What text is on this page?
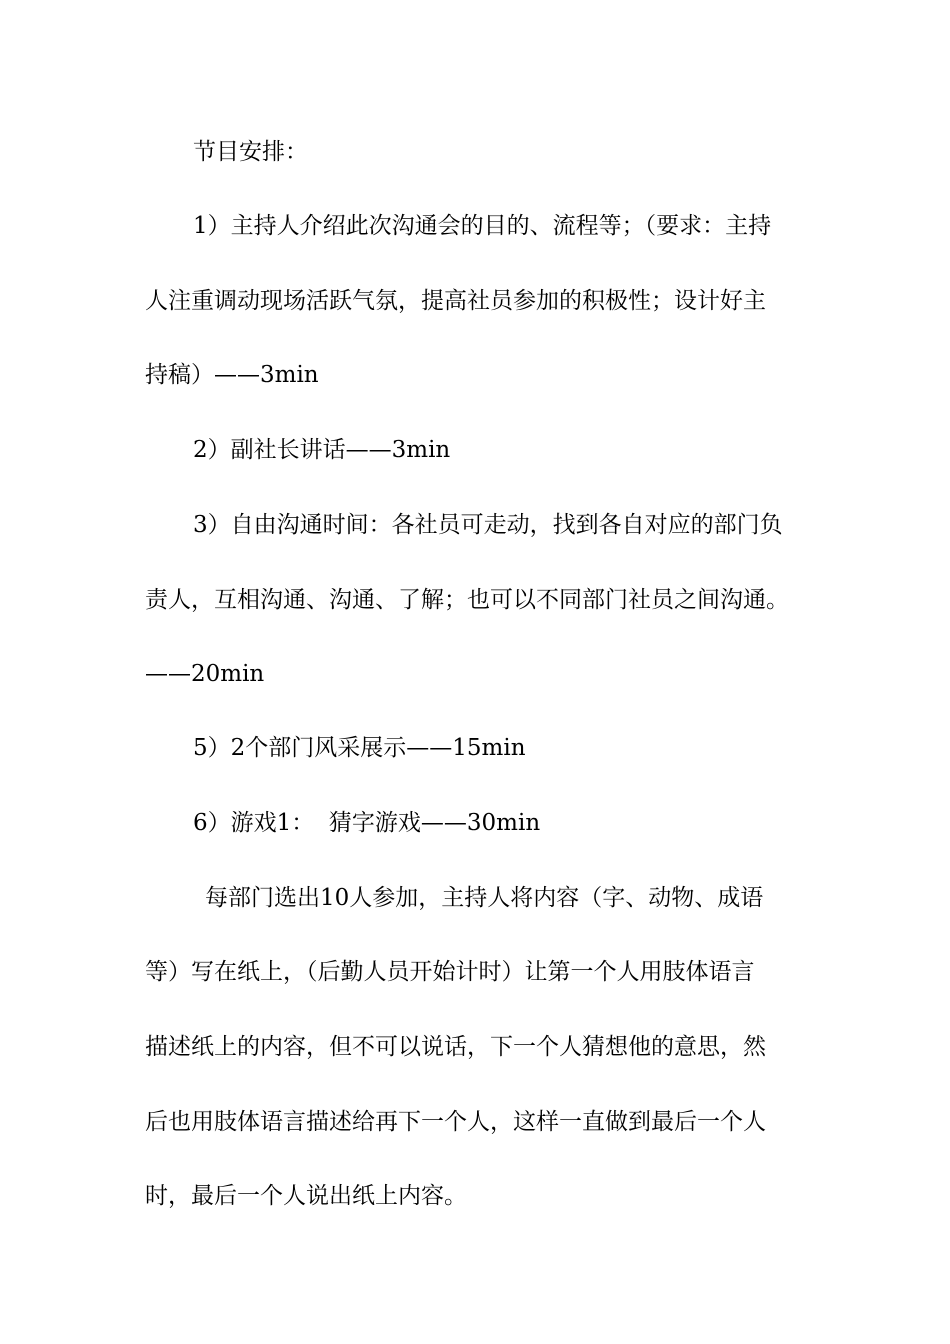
节目安排：
1）主持人介绍此次沟通会的目的、流程等；（要求：主持
人注重调动现场活跃气氛，提高社员参加的积极性；设计好主
持稿）——3min
2）副社长讲话——3min
3）自由沟通时间：各社员可走动，找到各自对应的部门负
责人，互相沟通、沟通、了解；也可以不同部门社员之间沟通。
——20min
5）2个部门风采展示——15min
6）游戏1：  猜字游戏——30min
每部门选出10人参加，主持人将内容（字、动物、成语
等）写在纸上，（后勤人员开始计时）让第一个人用肢体语言
描述纸上的内容，但不可以说话，下一个人猜想他的意思，然
后也用肢体语言描述给再下一个人，这样一直做到最后一个人
时，最后一个人说出纸上内容。
